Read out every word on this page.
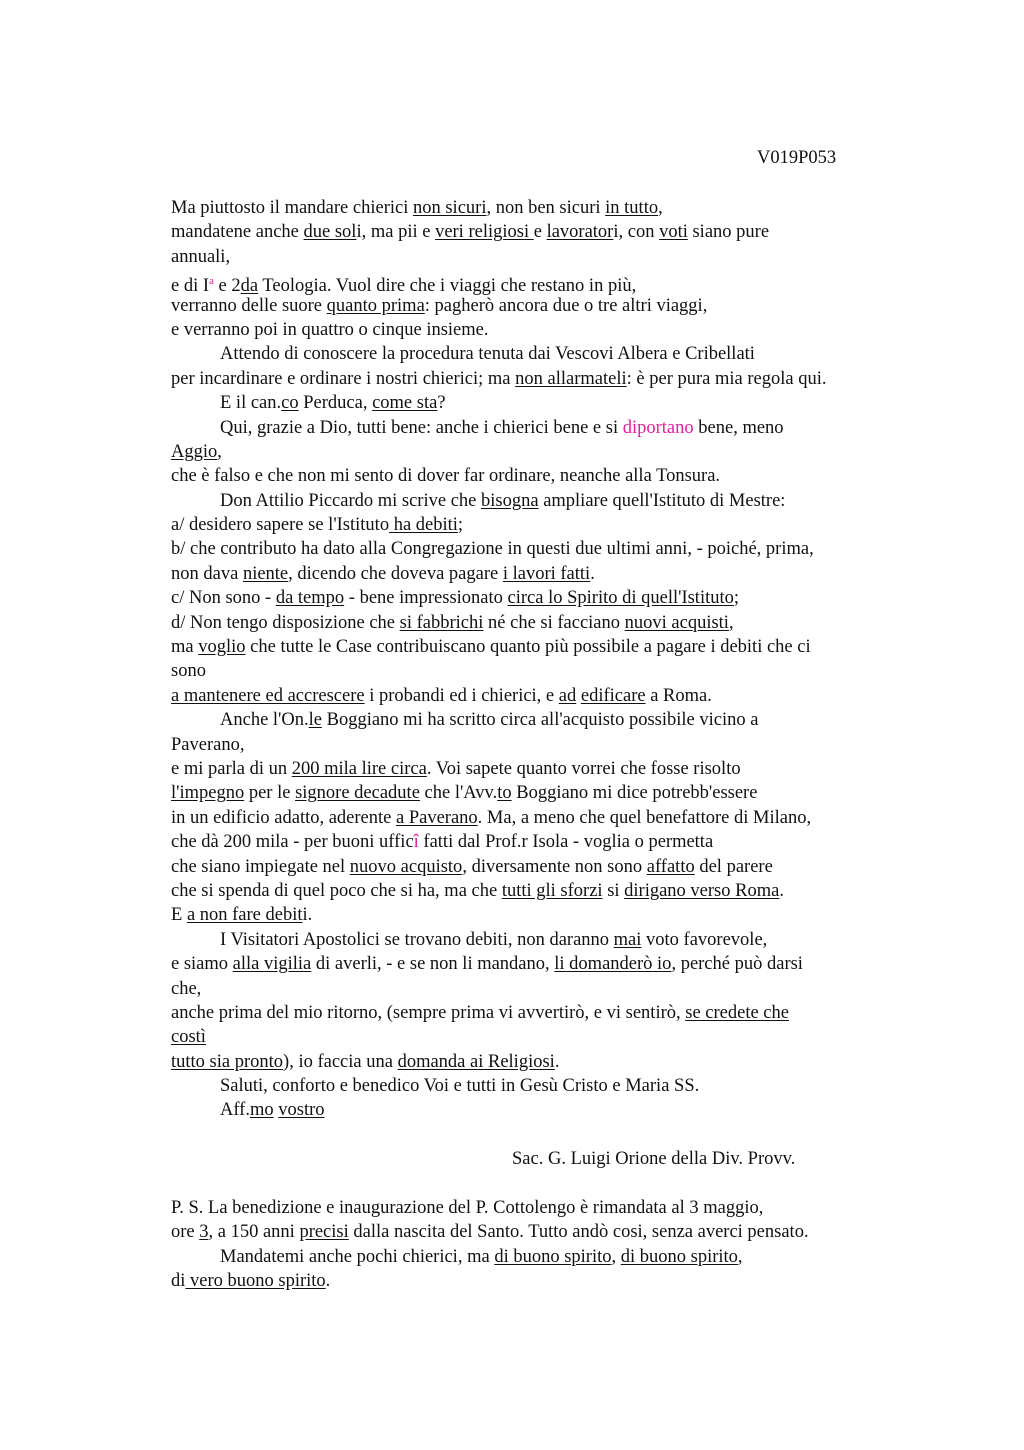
V019P053
Ma piuttosto il mandare chierici non sicuri, non ben sicuri in tutto,
mandatene anche due soli, ma pii e veri religiosi e lavoratori, con voti siano pure
annuali,
e di $I^a$ e 2da Teologia. Vuol dire che i viaggi che restano in più,
verranno delle suore quanto prima: pagherò ancora due o tre altri viaggi,
e verranno poi in quattro o cinque insieme.
Attendo di conoscere la procedura tenuta dai Vescovi Albera e Cribellati
per incardinare e ordinare i nostri chierici; ma non allarmateli: è per pura mia regola qui.
E il can.co Perduca, come sta?
Qui, grazie a Dio, tutti bene: anche i chierici bene e si diportano bene, meno
Aggio,
che è falso e che non mi sento di dover far ordinare, neanche alla Tonsura.
Don Attilio Piccardo mi scrive che bisogna ampliare quell'Istituto di Mestre:
a/ desidero sapere se l'Istituto ha debiti;
b/ che contributo ha dato alla Congregazione in questi due ultimi anni, - poiché, prima,
non dava niente, dicendo che doveva pagare i lavori fatti.
c/ Non sono - da tempo - bene impressionato circa lo Spirito di quell'Istituto;
d/ Non tengo disposizione che si fabbrichi né che si facciano nuovi acquisti,
ma voglio che tutte le Case contribuiscano quanto più possibile a pagare i debiti che ci
sono
a mantenere ed accrescere i probandi ed i chierici, e ad edificare a Roma.
Anche l'On.le Boggiano mi ha scritto circa all'acquisto possibile vicino a
Paverano,
e mi parla di un 200 mila lire circa. Voi sapete quanto vorrei che fosse risolto
l'impegno per le signore decadute che l'Avv.to Boggiano mi dice potrebb'essere
in un edificio adatto, aderente a Paverano. Ma, a meno che quel benefattore di Milano,
che dà 200 mila - per buoni ufficî fatti dal Prof.r Isola - voglia o permetta
che siano impiegate nel nuovo acquisto, diversamente non sono affatto del parere
che si spenda di quel poco che si ha, ma che tutti gli sforzi si dirigano verso Roma.
E a non fare debiti.
I Visitatori Apostolici se trovano debiti, non daranno mai voto favorevole,
e siamo alla vigilia di averli, - e se non li mandano, li domanderò io, perché può darsi
che,
anche prima del mio ritorno, (sempre prima vi avvertirò, e vi sentirò, se credete che
costì
tutto sia pronto), io faccia una domanda ai Religiosi.
Saluti, conforto e benedico Voi e tutti in Gesù Cristo e Maria SS.
Aff.mo vostro
Sac. G. Luigi Orione della Div. Provv.
P. S. La benedizione e inaugurazione del P. Cottolengo è rimandata al 3 maggio,
ore 3, a 150 anni precisi dalla nascita del Santo. Tutto andò cosi, senza averci pensato.
Mandatemi anche pochi chierici, ma di buono spirito, di buono spirito,
di vero buono spirito.
